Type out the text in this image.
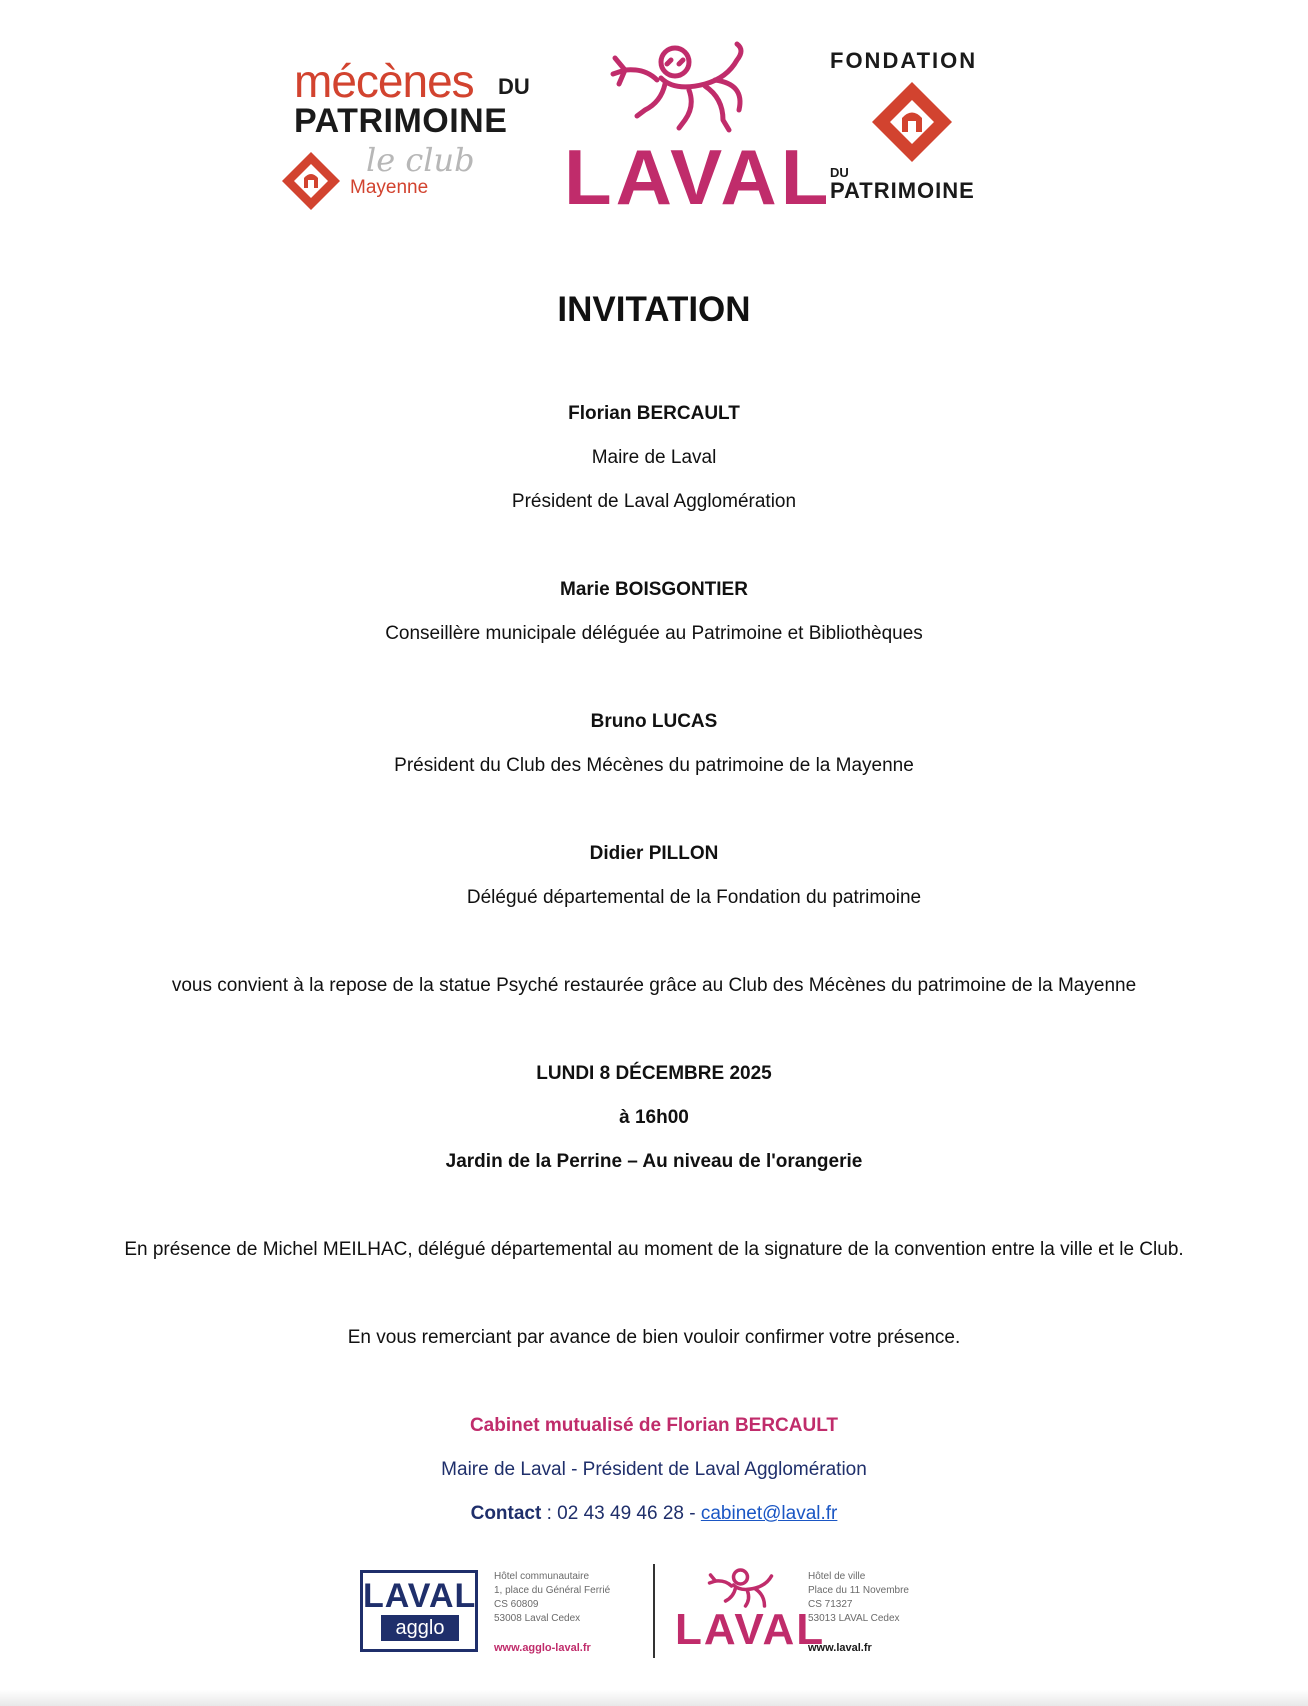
mécènes DU
PATRIMOINE
le club
Mayenne LAVAL
FONDATION
DU
PATRIMOINE
INVITATION
Florian BERCAULT
Maire de Laval
Président de Laval Agglomération
Marie BOISGONTIER
Conseillère municipale déléguée au Patrimoine et Bibliothèques
Bruno LUCAS
Président du Club des Mécènes du patrimoine de la Mayenne
Didier PILLON
Délégué départemental de la Fondation du patrimoine
vous convient à la repose de la statue Psyché restaurée grâce au Club des Mécènes du patrimoine de la Mayenne
LUNDI 8 DÉCEMBRE 2025
à 16h00
Jardin de la Perrine – Au niveau de l'orangerie
En présence de Michel MEILHAC, délégué départemental au moment de la signature de la convention entre la ville et le Club.
En vous remerciant par avance de bien vouloir confirmer votre présence.
Cabinet mutualisé de Florian BERCAULT
Maire de Laval - Président de Laval Agglomération
Contact : 02 43 49 46 28 - cabinet@laval.fr
LAVAL
agglo
Hôtel communautaire
1, place du Général Ferrié
CS 60809
53008 Laval Cedex
www.agglo-laval.fr LAVAL
Hôtel de ville
Place du 11 Novembre
CS 71327
53013 LAVAL Cedex
www.laval.fr
